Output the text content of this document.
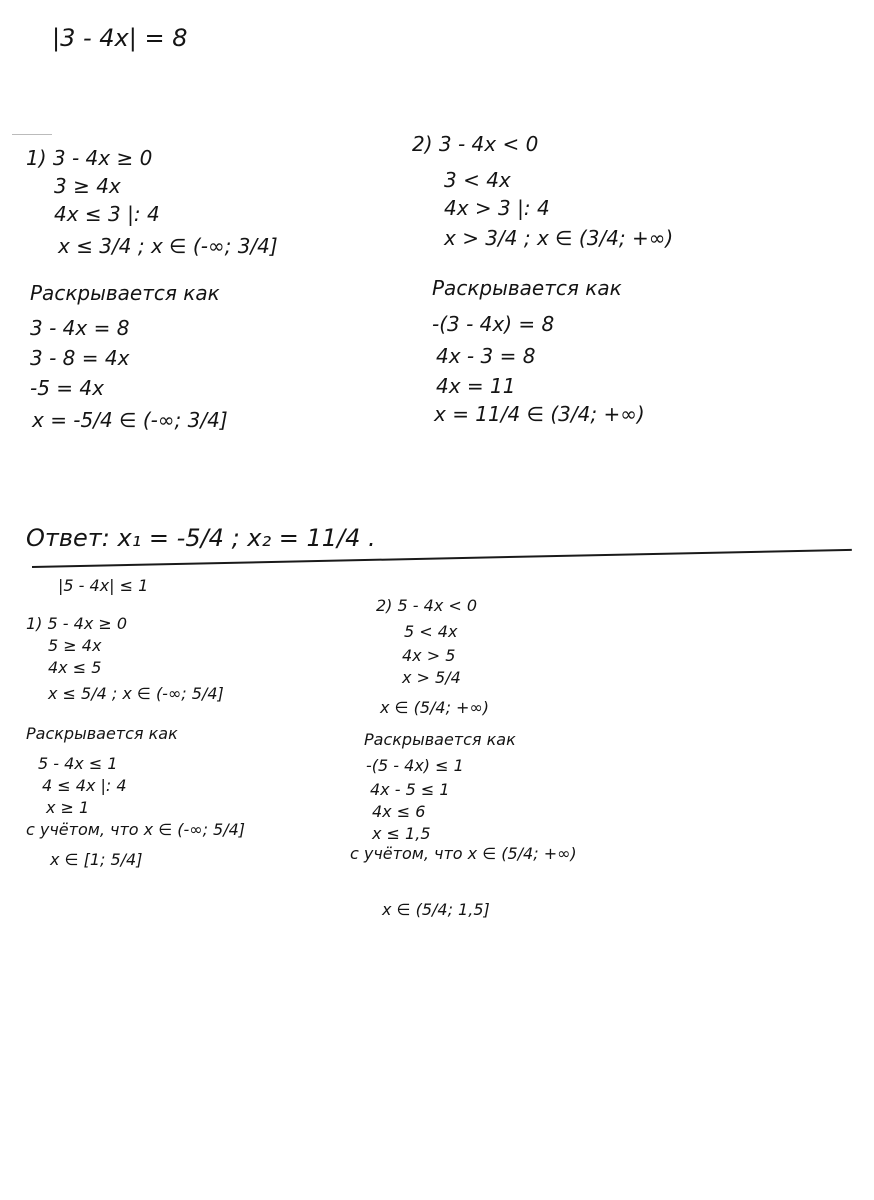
|3 - 4x| = 8

1) 3 - 4x ≥ 0

3 ≥ 4x

4x ≤ 3 |: 4

x ≤ 3/4 ; x ∈ (-∞; 3/4]

Раскрывается как

3 - 4x = 8

3 - 8 = 4x

-5 = 4x

x = -5/4 ∈ (-∞; 3/4]

2) 3 - 4x < 0

3 < 4x

4x > 3 |: 4

x > 3/4 ; x ∈ (3/4; +∞)

Раскрывается как

-(3 - 4x) = 8

4x - 3 = 8

4x = 11

x = 11/4 ∈ (3/4; +∞)

Ответ: x₁ = -5/4 ; x₂ = 11/4 .

|5 - 4x| ≤ 1

1) 5 - 4x ≥ 0

5 ≥ 4x

4x ≤ 5

x ≤ 5/4 ; x ∈ (-∞; 5/4]

Раскрывается как

5 - 4x ≤ 1

4 ≤ 4x |: 4

x ≥ 1

с учётом, что x ∈ (-∞; 5/4]

x ∈ [1; 5/4]

2) 5 - 4x < 0

5 < 4x

4x > 5

x > 5/4

x ∈ (5/4; +∞)

Раскрывается как

-(5 - 4x) ≤ 1

4x - 5 ≤ 1

4x ≤ 6

x ≤ 1,5

с учётом, что x ∈ (5/4; +∞)

x ∈ (5/4; 1,5]
